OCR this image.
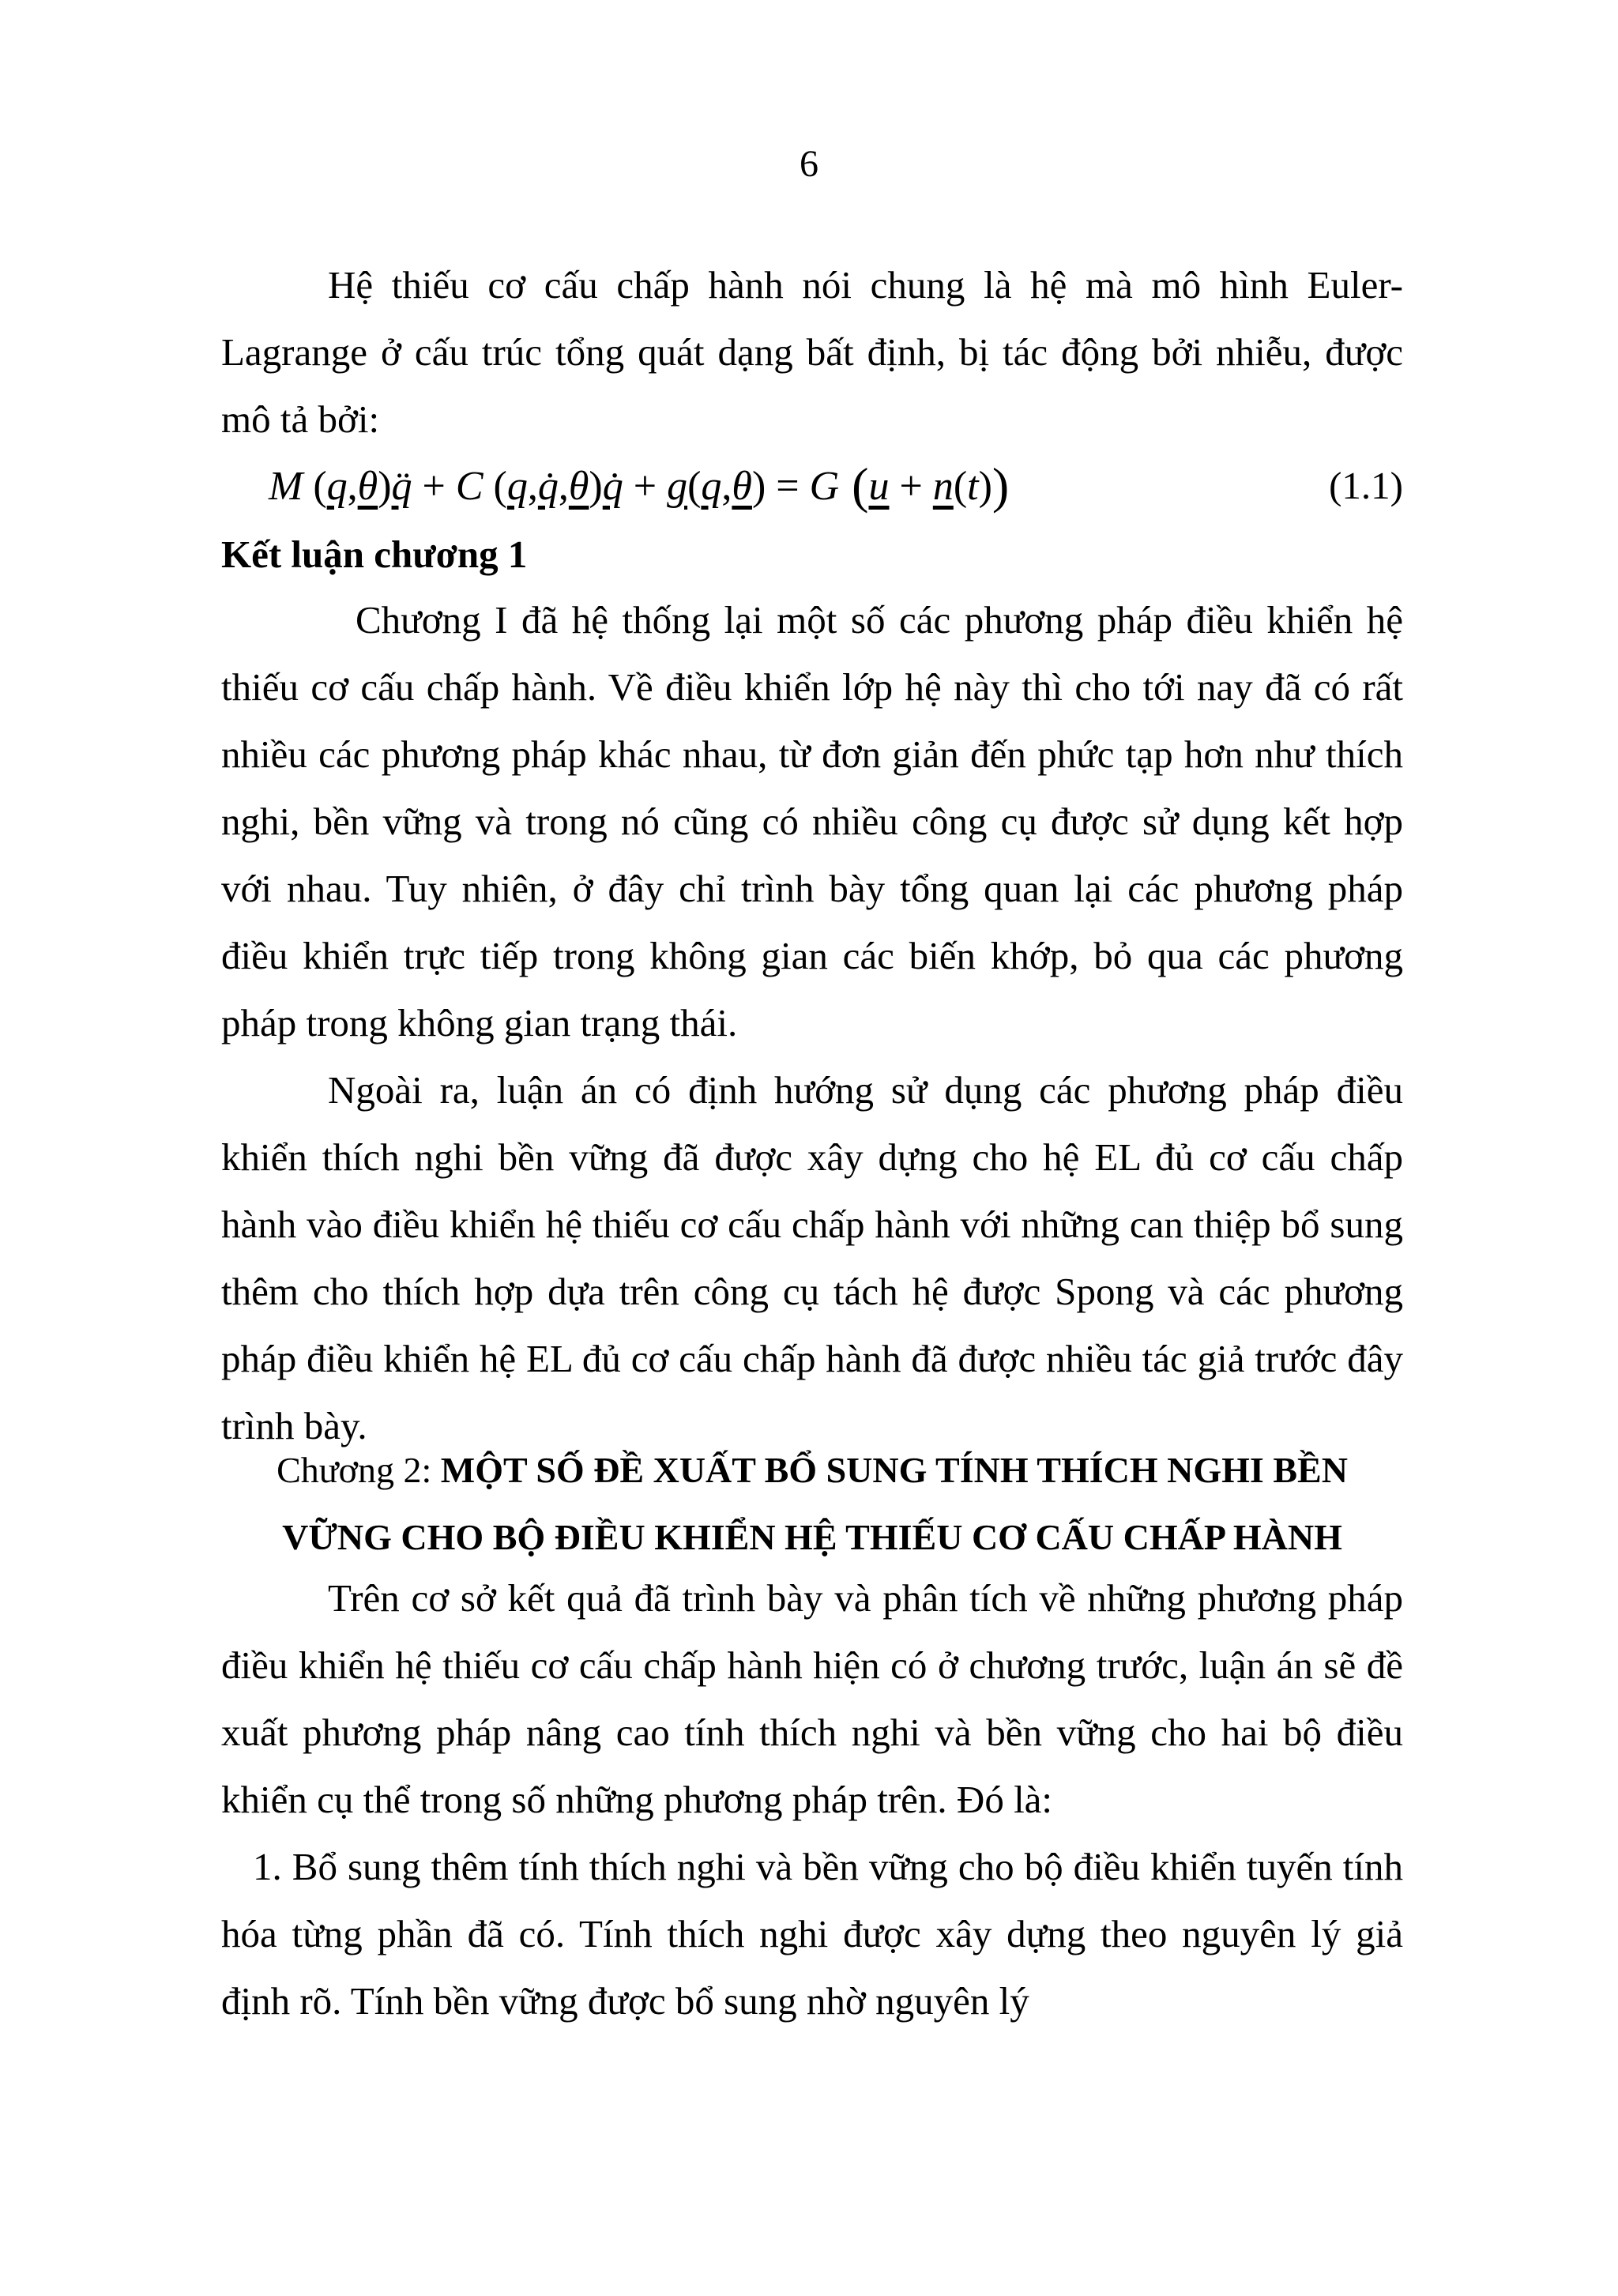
6

Hệ thiếu cơ cấu chấp hành nói chung là hệ mà mô hình Euler-Lagrange ở cấu trúc tổng quát dạng bất định, bị tác động bởi nhiễu, được mô tả bởi:

M (q,θ)q̈ + C (q,q̇,θ)q̇ + g(q,θ) = G (u + n(t))	(1.1)
Kết luận chương 1

Chương I đã hệ thống lại một số các phương pháp điều khiển hệ thiếu cơ cấu chấp hành. Về điều khiển lớp hệ này thì cho tới nay đã có rất nhiều các phương pháp khác nhau, từ đơn giản đến phức tạp hơn như thích nghi, bền vững và trong nó cũng có nhiều công cụ được sử dụng kết hợp với nhau. Tuy nhiên, ở đây chỉ trình bày tổng quan lại các phương pháp điều khiển trực tiếp trong không gian các biến khớp, bỏ qua các phương pháp trong không gian trạng thái.

Ngoài ra, luận án có định hướng sử dụng các phương pháp điều khiển thích nghi bền vững đã được xây dựng cho hệ EL đủ cơ cấu chấp hành vào điều khiển hệ thiếu cơ cấu chấp hành với những can thiệp bổ sung thêm cho thích hợp dựa trên công cụ tách hệ được Spong và các phương pháp điều khiển hệ EL đủ cơ cấu chấp hành đã được nhiều tác giả trước đây trình bày.

Chương 2: MỘT SỐ ĐỀ XUẤT BỔ SUNG TÍNH THÍCH NGHI BỀN
VỮNG CHO BỘ ĐIỀU KHIỂN HỆ THIẾU CƠ CẤU CHẤP HÀNH

Trên cơ sở kết quả đã trình bày và phân tích về những phương pháp điều khiển hệ thiếu cơ cấu chấp hành hiện có ở chương trước, luận án sẽ đề xuất phương pháp nâng cao tính thích nghi và bền vững cho hai bộ điều khiển cụ thể trong số những phương pháp trên. Đó là:

1. Bổ sung thêm tính thích nghi và bền vững cho bộ điều khiển tuyến tính hóa từng phần đã có. Tính thích nghi được xây dựng theo nguyên lý giả định rõ. Tính bền vững được bổ sung nhờ nguyên lý
